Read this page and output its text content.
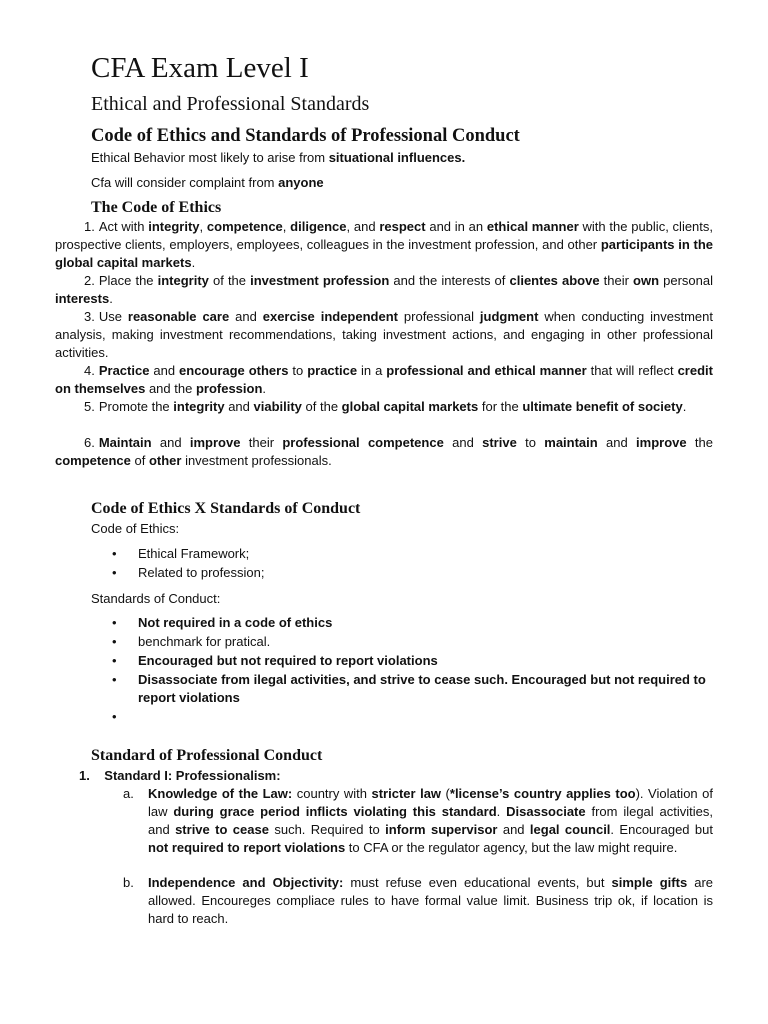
CFA Exam Level I
Ethical and Professional Standards
Code of Ethics and Standards of Professional Conduct

Ethical Behavior most likely to arise from situational influences.

Cfa will consider complaint from anyone

The Code of Ethics

1. Act with integrity, competence, diligence, and respect and in an ethical manner with the public, clients, prospective clients, employers, employees, colleagues in the investment profession, and other participants in the global capital markets.

2. Place the integrity of the investment profession and the interests of clientes above their own personal interests.

3. Use reasonable care and exercise independent professional judgment when conducting investment analysis, making investment recommendations, taking investment actions, and engaging in other professional activities.

4. Practice and encourage others to practice in a professional and ethical manner that will reflect credit on themselves and the profession.

5. Promote the integrity and viability of the global capital markets for the ultimate benefit of society.

6. Maintain and improve their professional competence and strive to maintain and improve the competence of other investment professionals.

Code of Ethics X Standards of Conduct

Code of Ethics:

• Ethical Framework;
• Related to profession;

Standards of Conduct:

• Not required in a code of ethics
• benchmark for pratical.
• Encouraged but not required to report violations
• Disassociate from ilegal activities, and strive to cease such. Encouraged but not required to report violations
•

Standard of Professional Conduct

1. Standard I: Professionalism:

a. Knowledge of the Law: country with stricter law (*license’s country applies too). Violation of law during grace period inflicts violating this standard. Disassociate from ilegal activities, and strive to cease such. Required to inform supervisor and legal council. Encouraged but not required to report violations to CFA or the regulator agency, but the law might require.
b. Independence and Objectivity: must refuse even educational events, but simple gifts are allowed. Encoureges compliace rules to have formal value limit. Business trip ok, if location is hard to reach.
